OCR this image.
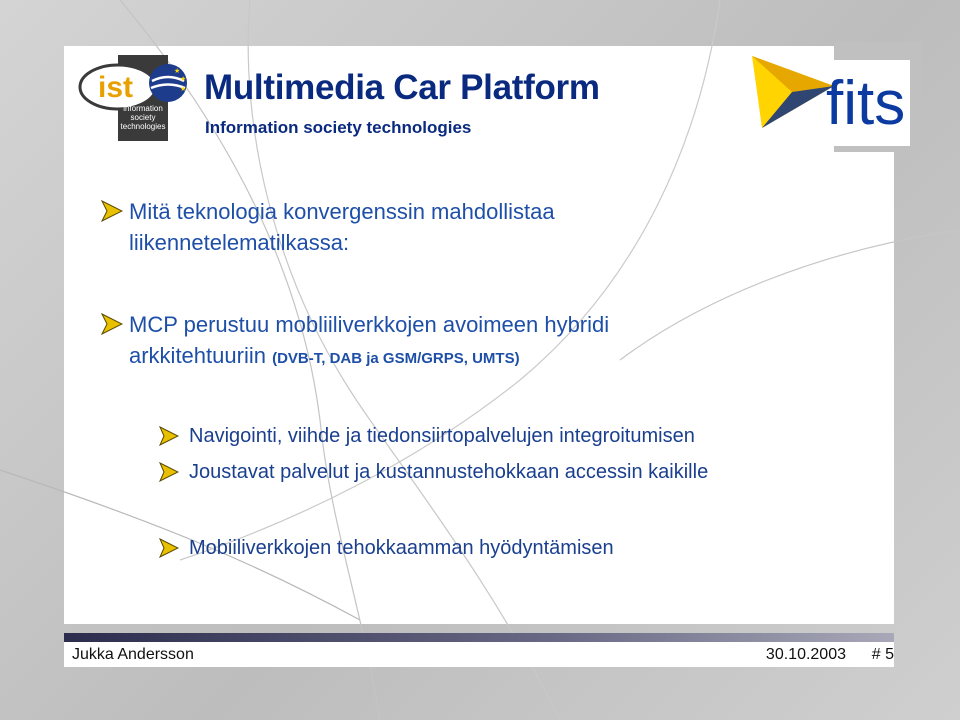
ist	★
★
★
information
society
technologies	fits
Multimedia Car Platform
Information society technologies
Mitä teknologia konvergenssin mahdollistaa
liikennetelematilkassa:
MCP perustuu mobliiliverkkojen avoimeen hybridi
arkkitehtuuriin (DVB-T, DAB ja GSM/GRPS, UMTS)
Navigointi, viihde ja tiedonsiirtopalvelujen integroitumisen
Joustavat palvelut ja kustannustehokkaan accessin kaikille
Mobiiliverkkojen tehokkaamman hyödyntämisen
Jukka Andersson	30.10.2003 # 5
